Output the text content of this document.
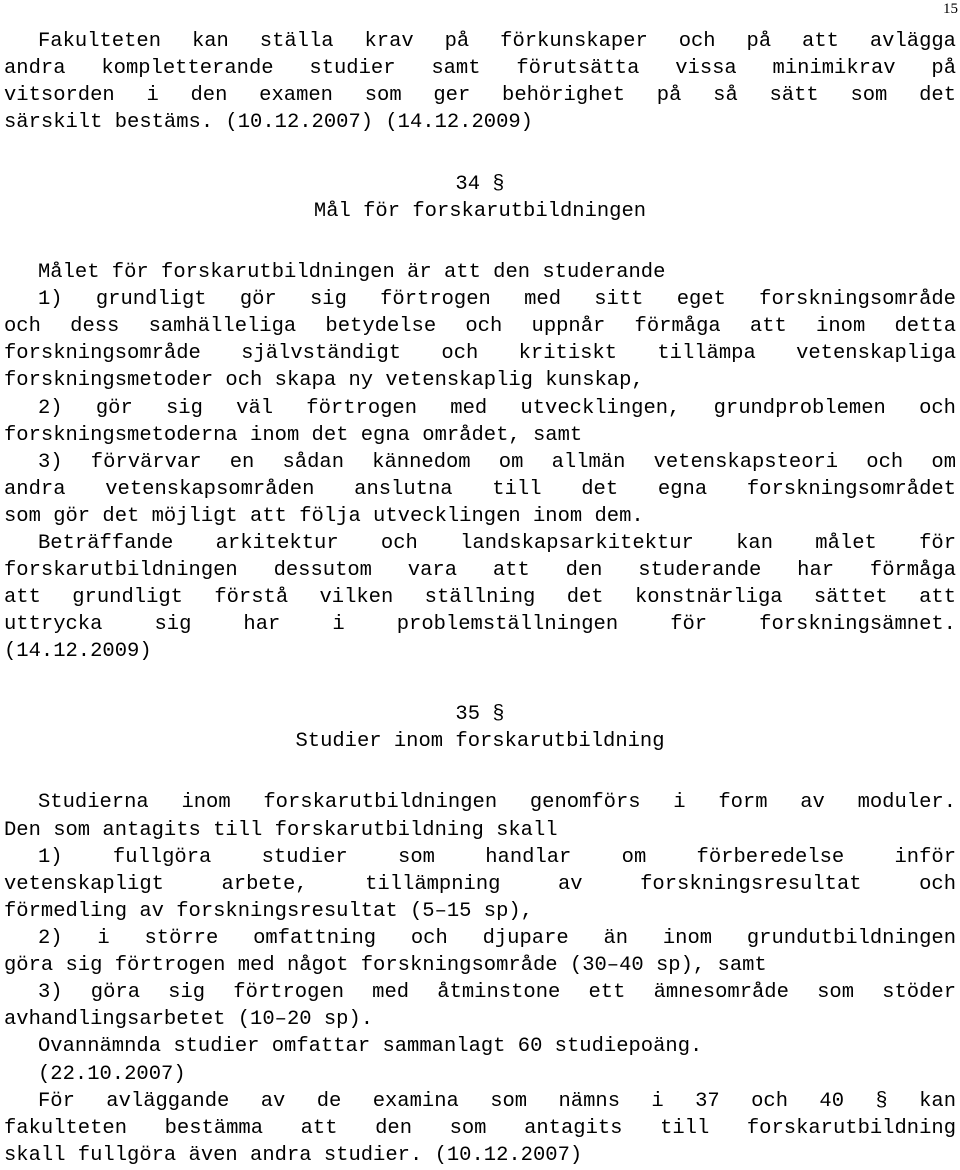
15
Fakulteten kan ställa krav på förkunskaper och på att avlägga
andra kompletterande studier samt förutsätta vissa minimikrav på
vitsorden i den examen som ger behörighet på så sätt som det
särskilt bestäms. (10.12.2007) (14.12.2009)
34 §
Mål för forskarutbildningen
Målet för forskarutbildningen är att den studerande
1) grundligt gör sig förtrogen med sitt eget forskningsområde
och dess samhälleliga betydelse och uppnår förmåga att inom detta
forskningsområde självständigt och kritiskt tillämpa vetenskapliga
forskningsmetoder och skapa ny vetenskaplig kunskap,
2) gör sig väl förtrogen med utvecklingen, grundproblemen och
forskningsmetoderna inom det egna området, samt
3) förvärvar en sådan kännedom om allmän vetenskapsteori och om
andra vetenskapsområden anslutna till det egna forskningsområdet
som gör det möjligt att följa utvecklingen inom dem.
Beträffande arkitektur och landskapsarkitektur kan målet för
forskarutbildningen dessutom vara att den studerande har förmåga
att grundligt förstå vilken ställning det konstnärliga sättet att
uttrycka sig har i problemställningen för forskningsämnet.
(14.12.2009)
35 §
Studier inom forskarutbildning
Studierna inom forskarutbildningen genomförs i form av moduler.
Den som antagits till forskarutbildning skall
1) fullgöra studier som handlar om förberedelse inför
vetenskapligt arbete, tillämpning av forskningsresultat och
förmedling av forskningsresultat (5–15 sp),
2) i större omfattning och djupare än inom grundutbildningen
göra sig förtrogen med något forskningsområde (30–40 sp), samt
3) göra sig förtrogen med åtminstone ett ämnesområde som stöder
avhandlingsarbetet (10–20 sp).
Ovannämnda studier omfattar sammanlagt 60 studiepoäng.
(22.10.2007)
För avläggande av de examina som nämns i 37 och 40 § kan
fakulteten bestämma att den som antagits till forskarutbildning
skall fullgöra även andra studier. (10.12.2007)
